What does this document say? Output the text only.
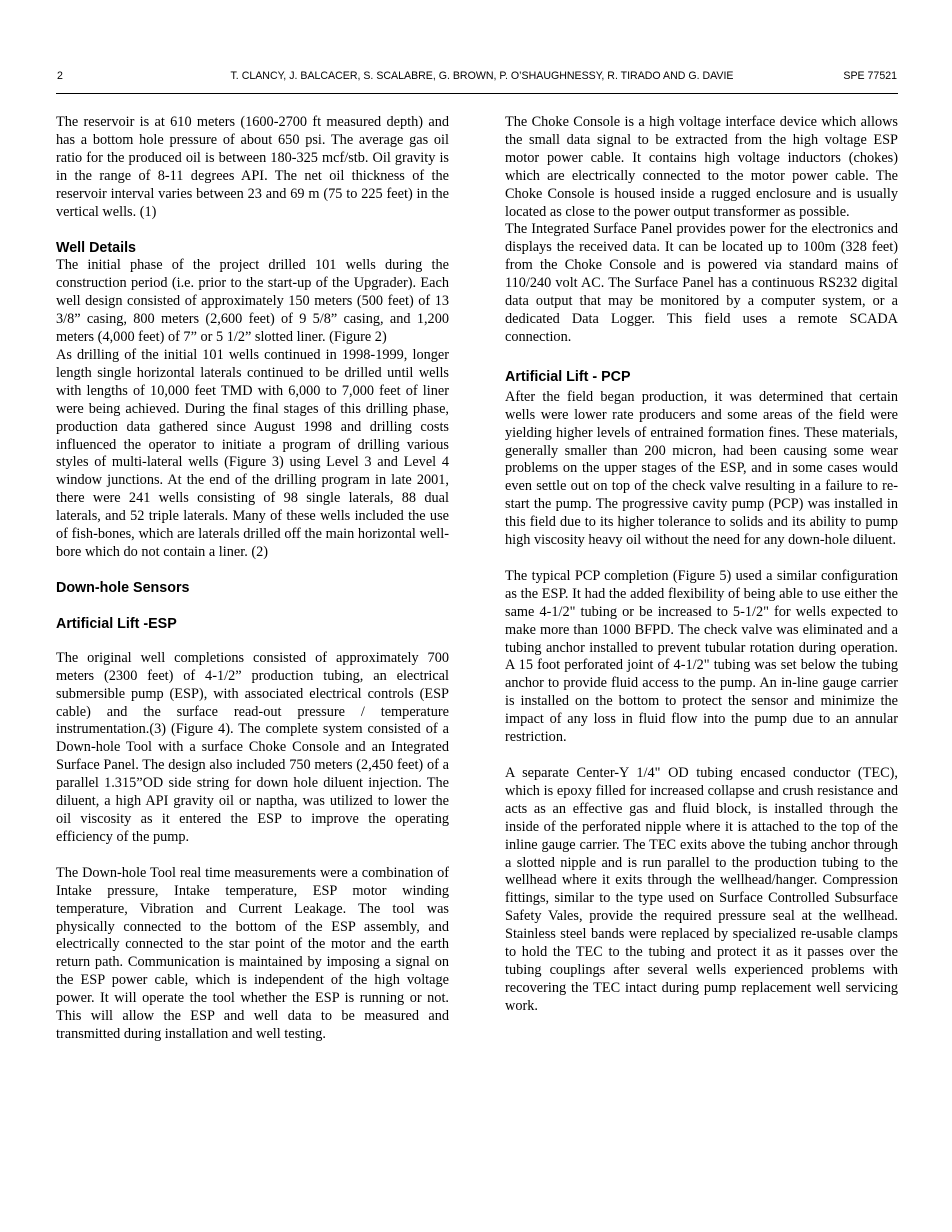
2	T. CLANCY, J. BALCACER, S. SCALABRE, G. BROWN, P. O’SHAUGHNESSY, R. TIRADO AND G. DAVIE	SPE 77521

The reservoir is at 610 meters (1600-2700 ft measured depth) and has a bottom hole pressure of about 650 psi. The average gas oil ratio for the produced oil is between 180-325 mcf/stb. Oil gravity is in the range of 8-11 degrees API. The net oil thickness of the reservoir interval varies between 23 and 69 m (75 to 225 feet) in the vertical wells. (1)

Well Details

The initial phase of the project drilled 101 wells during the construction period (i.e. prior to the start-up of the Upgrader). Each well design consisted of approximately 150 meters (500 feet) of 13 3/8” casing, 800 meters (2,600 feet) of 9 5/8” casing, and 1,200 meters (4,000 feet) of 7” or 5 1/2” slotted liner. (Figure 2)

As drilling of the initial 101 wells continued in 1998-1999, longer length single horizontal laterals continued to be drilled until wells with lengths of 10,000 feet TMD with 6,000 to 7,000 feet of liner were being achieved. During the final stages of this drilling phase, production data gathered since August 1998 and drilling costs influenced the operator to initiate a program of drilling various styles of multi-lateral wells (Figure 3) using Level 3 and Level 4 window junctions. At the end of the drilling program in late 2001, there were 241 wells consisting of 98 single laterals, 88 dual laterals, and 52 triple laterals. Many of these wells included the use of fish-bones, which are laterals drilled off the main horizontal well-bore which do not contain a liner. (2)

Down-hole Sensors
Artificial Lift -ESP

The original well completions consisted of approximately 700 meters (2300 feet) of 4-1/2” production tubing, an electrical submersible pump (ESP), with associated electrical controls (ESP cable) and the surface read-out pressure / temperature instrumentation.(3) (Figure 4). The complete system consisted of a Down-hole Tool with a surface Choke Console and an Integrated Surface Panel. The design also included 750 meters (2,450 feet) of a parallel 1.315”OD side string for down hole diluent injection. The diluent, a high API gravity oil or naptha, was utilized to lower the oil viscosity as it entered the ESP to improve the operating efficiency of the pump.

The Down-hole Tool real time measurements were a combination of Intake pressure, Intake temperature, ESP motor winding temperature, Vibration and Current Leakage. The tool was physically connected to the bottom of the ESP assembly, and electrically connected to the star point of the motor and the earth return path. Communication is maintained by imposing a signal on the ESP power cable, which is independent of the high voltage power. It will operate the tool whether the ESP is running or not. This will allow the ESP and well data to be measured and transmitted during installation and well testing.

The Choke Console is a high voltage interface device which allows the small data signal to be extracted from the high voltage ESP motor power cable. It contains high voltage inductors (chokes) which are electrically connected to the motor power cable. The Choke Console is housed inside a rugged enclosure and is usually located as close to the power output transformer as possible.

The Integrated Surface Panel provides power for the electronics and displays the received data. It can be located up to 100m (328 feet) from the Choke Console and is powered via standard mains of 110/240 volt AC. The Surface Panel has a continuous RS232 digital data output that may be monitored by a computer system, or a dedicated Data Logger. This field uses a remote SCADA connection.

Artificial Lift - PCP

After the field began production, it was determined that certain wells were lower rate producers and some areas of the field were yielding higher levels of entrained formation fines. These materials, generally smaller than 200 micron, had been causing some wear problems on the upper stages of the ESP, and in some cases would even settle out on top of the check valve resulting in a failure to re-start the pump. The progressive cavity pump (PCP) was installed in this field due to its higher tolerance to solids and its ability to pump high viscosity heavy oil without the need for any down-hole diluent.

The typical PCP completion (Figure 5) used a similar configuration as the ESP. It had the added flexibility of being able to use either the same 4-1/2" tubing or be increased to 5-1/2" for wells expected to make more than 1000 BFPD. The check valve was eliminated and a tubing anchor installed to prevent tubular rotation during operation. A 15 foot perforated joint of 4-1/2" tubing was set below the tubing anchor to provide fluid access to the pump. An in-line gauge carrier is installed on the bottom to protect the sensor and minimize the impact of any loss in fluid flow into the pump due to an annular restriction.

A separate Center-Y 1/4" OD tubing encased conductor (TEC), which is epoxy filled for increased collapse and crush resistance and acts as an effective gas and fluid block, is installed through the inside of the perforated nipple where it is attached to the top of the inline gauge carrier. The TEC exits above the tubing anchor through a slotted nipple and is run parallel to the production tubing to the wellhead where it exits through the wellhead/hanger. Compression fittings, similar to the type used on Surface Controlled Subsurface Safety Vales, provide the required pressure seal at the wellhead. Stainless steel bands were replaced by specialized re-usable clamps to hold the TEC to the tubing and protect it as it passes over the tubing couplings after several wells experienced problems with recovering the TEC intact during pump replacement well servicing work.
